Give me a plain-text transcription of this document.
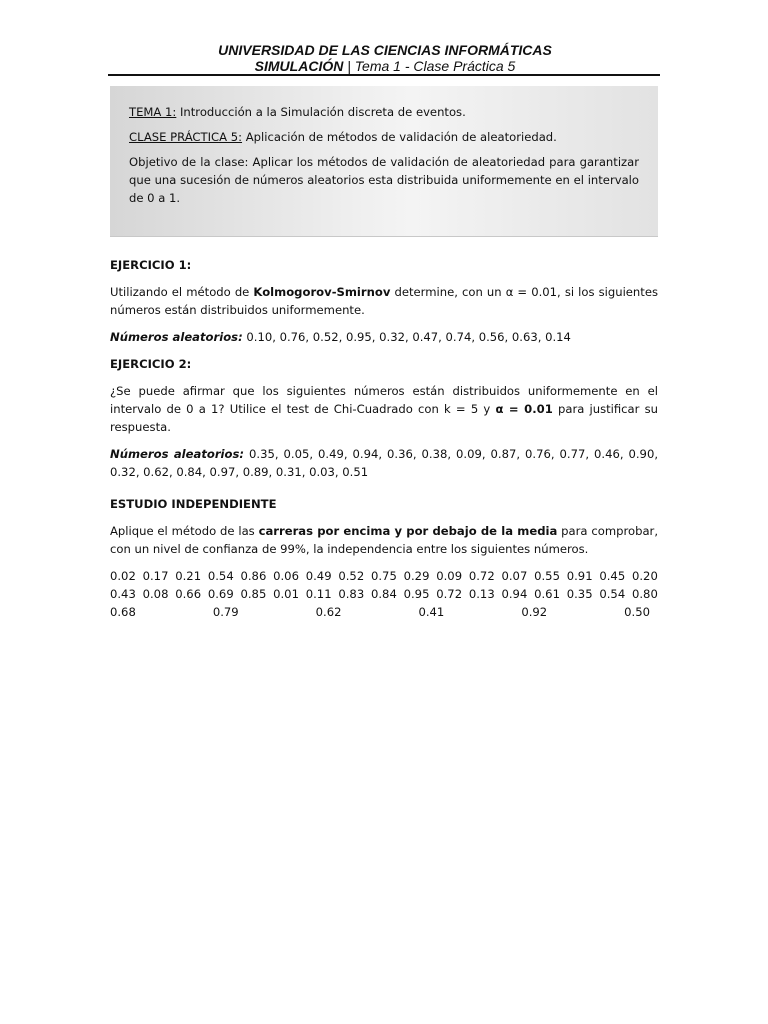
UNIVERSIDAD DE LAS CIENCIAS INFORMÁTICAS
SIMULACIÓN | Tema 1 - Clase Práctica 5

TEMA 1: Introducción a la Simulación discreta de eventos.

CLASE PRÁCTICA 5: Aplicación de métodos de validación de aleatoriedad.

Objetivo de la clase: Aplicar los métodos de validación de aleatoriedad para garantizar que una sucesión de números aleatorios esta distribuida uniformemente en el intervalo de 0 a 1.

EJERCICIO 1:

Utilizando el método de Kolmogorov-Smirnov determine, con un α = 0.01, si los siguientes números están distribuidos uniformemente.

Números aleatorios: 0.10, 0.76, 0.52, 0.95, 0.32, 0.47, 0.74, 0.56, 0.63, 0.14

EJERCICIO 2:

¿Se puede afirmar que los siguientes números están distribuidos uniformemente en el intervalo de 0 a 1? Utilice el test de Chi-Cuadrado con k = 5 y α = 0.01 para justificar su respuesta.

Números aleatorios: 0.35, 0.05, 0.49, 0.94, 0.36, 0.38, 0.09, 0.87, 0.76, 0.77, 0.46, 0.90, 0.32, 0.62, 0.84, 0.97, 0.89, 0.31, 0.03, 0.51

ESTUDIO INDEPENDIENTE

Aplique el método de las carreras por encima y por debajo de la media para comprobar, con un nivel de confianza de 99%, la independencia entre los siguientes números.

0.02 0.17 0.21 0.54 0.86 0.06 0.49 0.52 0.75 0.29 0.09 0.72 0.07 0.55 0.91 0.45 0.20
0.43 0.08 0.66 0.69 0.85 0.01 0.11 0.83 0.84 0.95 0.72 0.13 0.94 0.61 0.35 0.54 0.80
0.68	0.79	0.62	0.41	0.92	0.50
